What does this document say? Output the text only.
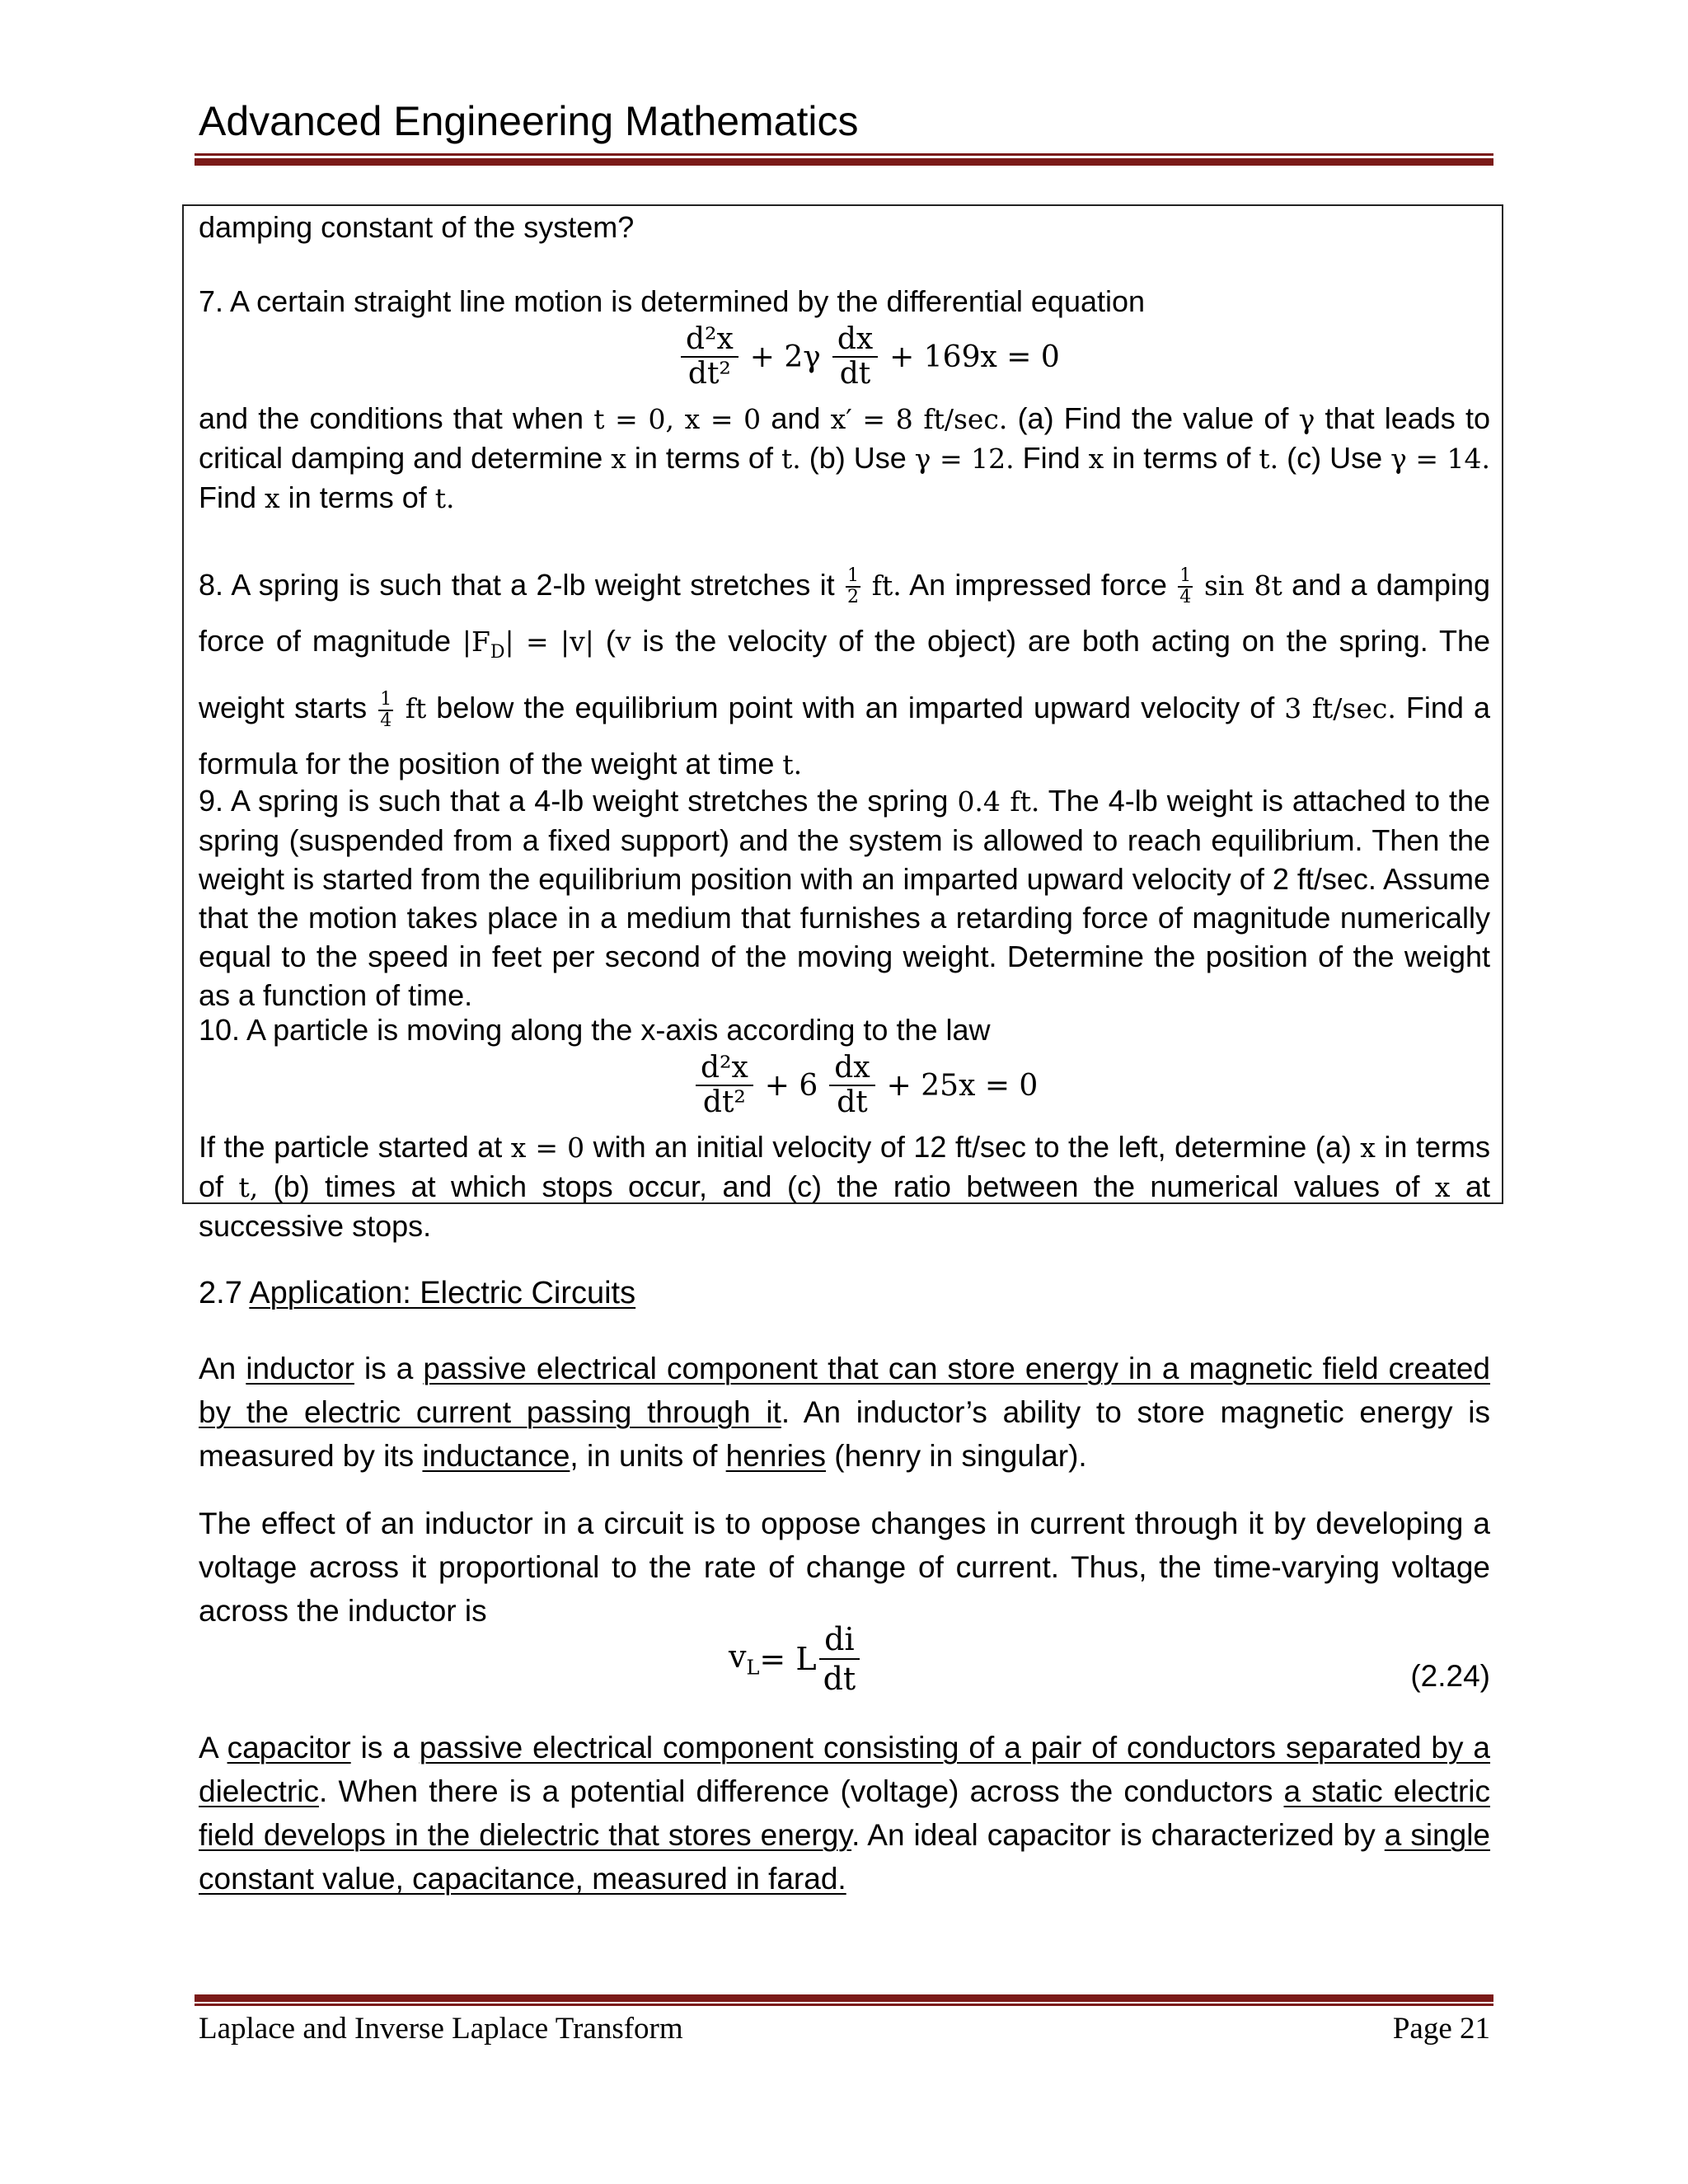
Advanced Engineering Mathematics
damping constant of the system?
7. A certain straight line motion is determined by the differential equation
$\frac{\text{d²x}}{\text{dt²}} + 2\gamma \frac{dx}{dt} + 169x = 0$
and the conditions that when t = 0, x = 0 and x′ = 8 ft/sec. (a) Find the value of γ that leads to critical damping and determine x in terms of t. (b) Use γ = 12. Find x in terms of t. (c) Use γ = 14. Find x in terms of t.
8. A spring is such that a 2-lb weight stretches it $\frac{1}{2}$ ft. An impressed force $\frac{1}{4}$ sin 8t and a damping force of magnitude $|F_D| = |v|$ (v is the velocity of the object) are both acting on the spring. The weight starts $\frac{1}{4}$ ft below the equilibrium point with an imparted upward velocity of 3 ft/sec. Find a formula for the position of the weight at time t.
9. A spring is such that a 4-lb weight stretches the spring 0.4 ft. The 4-lb weight is attached to the spring (suspended from a fixed support) and the system is allowed to reach equilibrium. Then the weight is started from the equilibrium position with an imparted upward velocity of 2 ft/sec. Assume that the motion takes place in a medium that furnishes a retarding force of magnitude numerically equal to the speed in feet per second of the moving weight. Determine the position of the weight as a function of time.
10. A particle is moving along the x-axis according to the law
$\frac{\text{d²x}}{\text{dt²}} + 6 \frac{dx}{dt} + 25x = 0$
If the particle started at x = 0 with an initial velocity of 12 ft/sec to the left, determine (a) x in terms of t, (b) times at which stops occur, and (c) the ratio between the numerical values of x at successive stops.
2.7 Application: Electric Circuits
An inductor is a passive electrical component that can store energy in a magnetic field created by the electric current passing through it. An inductor’s ability to store magnetic energy is measured by its inductance, in units of henries (henry in singular).
The effect of an inductor in a circuit is to oppose changes in current through it by developing a voltage across it proportional to the rate of change of current. Thus, the time-varying voltage across the inductor is
$v_L = L \frac{di}{dt}$	(2.24)
A capacitor is a passive electrical component consisting of a pair of conductors separated by a dielectric. When there is a potential difference (voltage) across the conductors a static electric field develops in the dielectric that stores energy. An ideal capacitor is characterized by a single constant value, capacitance, measured in farad.
Laplace and Inverse Laplace Transform	Page 21
